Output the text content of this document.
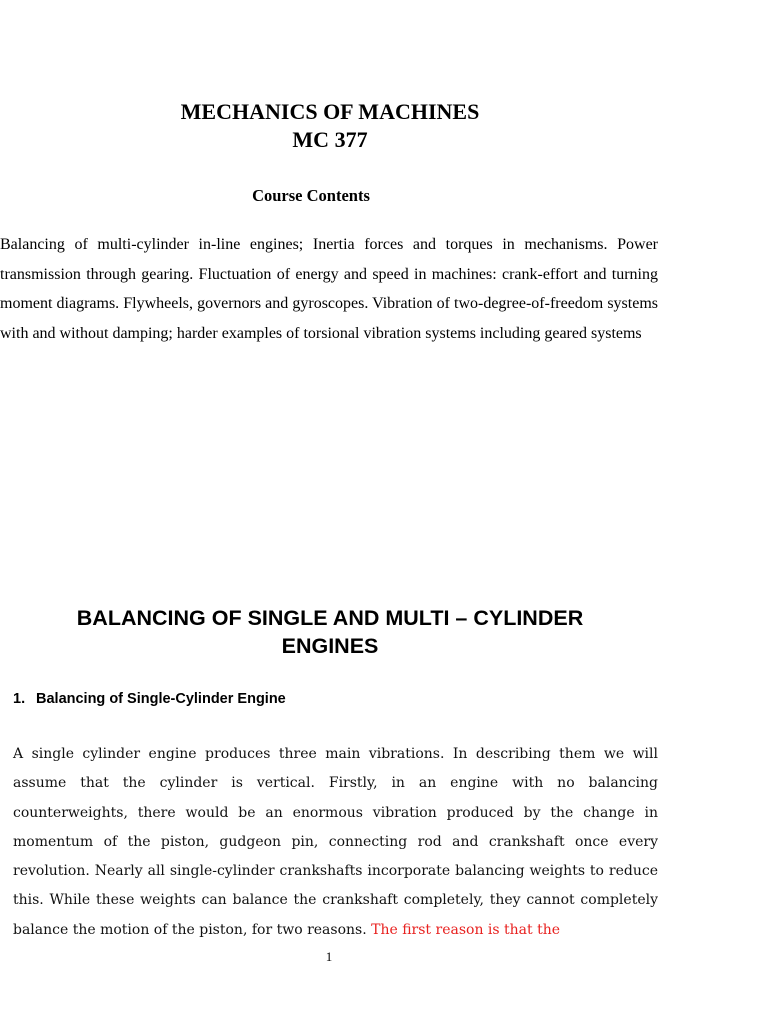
MECHANICS OF MACHINES
MC 377
Course Contents
Balancing of multi-cylinder in-line engines; Inertia forces and torques in mechanisms. Power transmission through gearing. Fluctuation of energy and speed in machines: crank-effort and turning moment diagrams. Flywheels, governors and gyroscopes. Vibration of two-degree-of-freedom systems with and without damping; harder examples of torsional vibration systems including geared systems
BALANCING OF SINGLE AND MULTI – CYLINDER
ENGINES
1. Balancing of Single-Cylinder Engine
A single cylinder engine produces three main vibrations. In describing them we will assume that the cylinder is vertical. Firstly, in an engine with no balancing counterweights, there would be an enormous vibration produced by the change in momentum of the piston, gudgeon pin, connecting rod and crankshaft once every revolution. Nearly all single-cylinder crankshafts incorporate balancing weights to reduce this. While these weights can balance the crankshaft completely, they cannot completely balance the motion of the piston, for two reasons. The first reason is that the
1
